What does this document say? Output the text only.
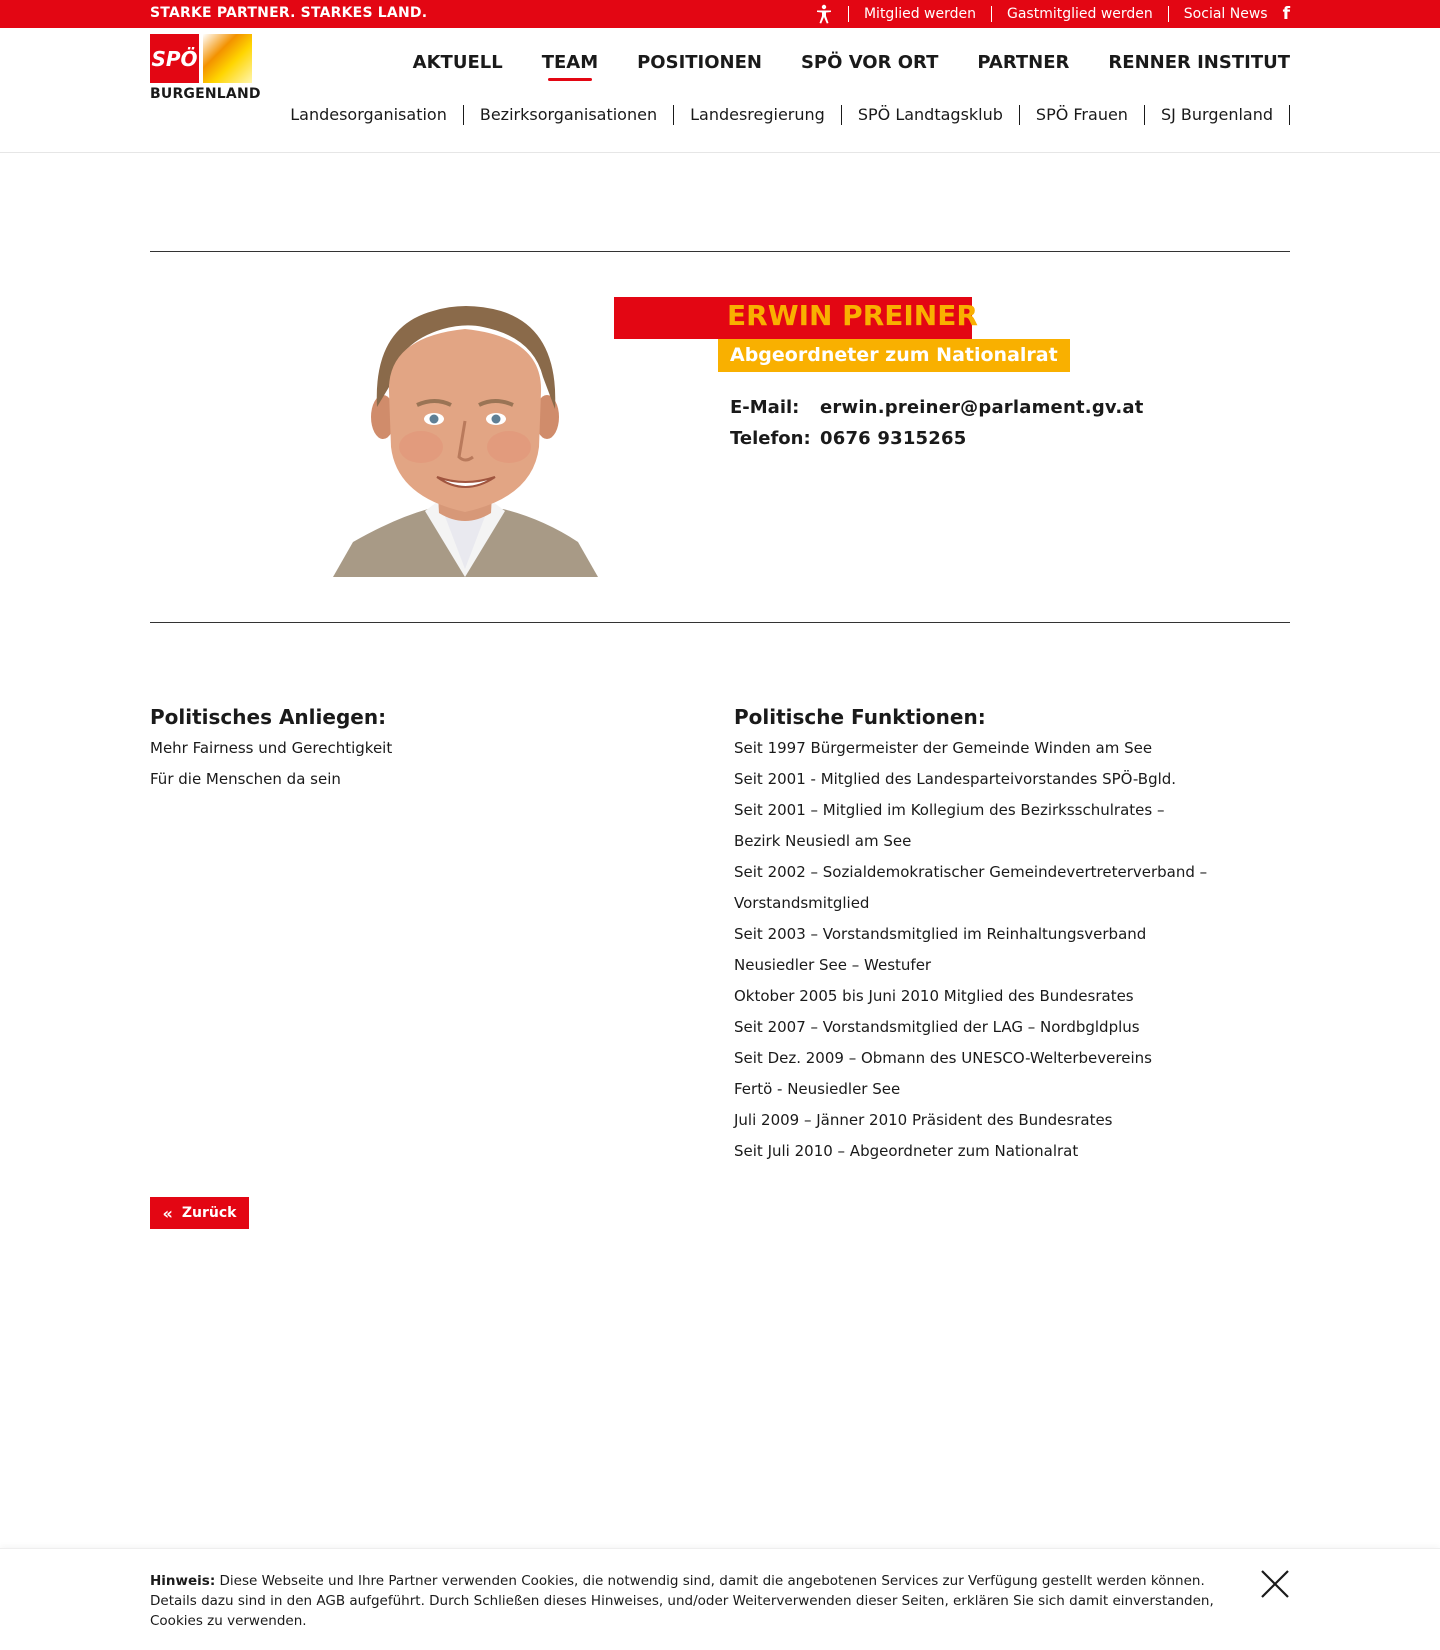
STARKE PARTNER. STARKES LAND.	Mitglied werden	Gastmitglied werden	Social News f
SPÖ
BURGENLAND
AKTUELL TEAM POSITIONEN SPÖ VOR ORT PARTNER RENNER INSTITUT
Landesorganisation	Bezirksorganisationen	Landesregierung	SPÖ Landtagsklub	SPÖ Frauen	SJ Burgenland
ERWIN PREINER
Abgeordneter zum Nationalrat
E-Mail:	erwin.preiner@parlament.gv.at
Telefon: 0676 9315265
Politisches Anliegen:
Mehr Fairness und Gerechtigkeit
Für die Menschen da sein
Politische Funktionen:
Seit 1997 Bürgermeister der Gemeinde Winden am See
Seit 2001 - Mitglied des Landesparteivorstandes SPÖ-Bgld.
Seit 2001 – Mitglied im Kollegium des Bezirksschulrates –
Bezirk Neusiedl am See
Seit 2002 – Sozialdemokratischer Gemeindevertreterverband –
Vorstandsmitglied
Seit 2003 – Vorstandsmitglied im Reinhaltungsverband
Neusiedler See – Westufer
Oktober 2005 bis Juni 2010 Mitglied des Bundesrates
Seit 2007 – Vorstandsmitglied der LAG – Nordbgldplus
Seit Dez. 2009 – Obmann des UNESCO-Welterbevereins
Fertö - Neusiedler See
Juli 2009 – Jänner 2010 Präsident des Bundesrates
Seit Juli 2010 – Abgeordneter zum Nationalrat
« Zurück
Hinweis: Diese Webseite und Ihre Partner verwenden Cookies, die notwendig sind, damit die angebotenen Services zur Verfügung gestellt werden können. Details dazu sind in den AGB aufgeführt. Durch Schließen dieses Hinweises, und/oder Weiterverwenden dieser Seiten, erklären Sie sich damit einverstanden, Cookies zu verwenden.
